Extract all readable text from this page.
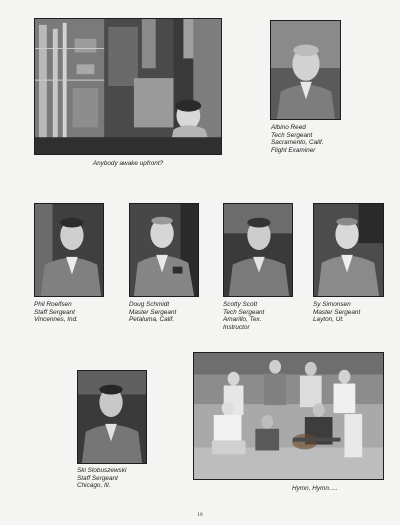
Anybody awake upfront?
Albino Reed
Tech Sergeant
Sacramento, Calif.
Flight Examiner
Phil Roelfsen
Staff Sergeant
Vincennes, Ind.
Doug Schmidt
Master Sergeant
Petaluma, Calif.
Scotty Scott
Tech Sergeant
Amarillo, Tex.
Instructor
Sy Simonsen
Master Sergeant
Layton, Ut.
Ski Slobuszewski
Staff Sergeant
Chicago, Ill.	Hymn, Hymn.....
18
